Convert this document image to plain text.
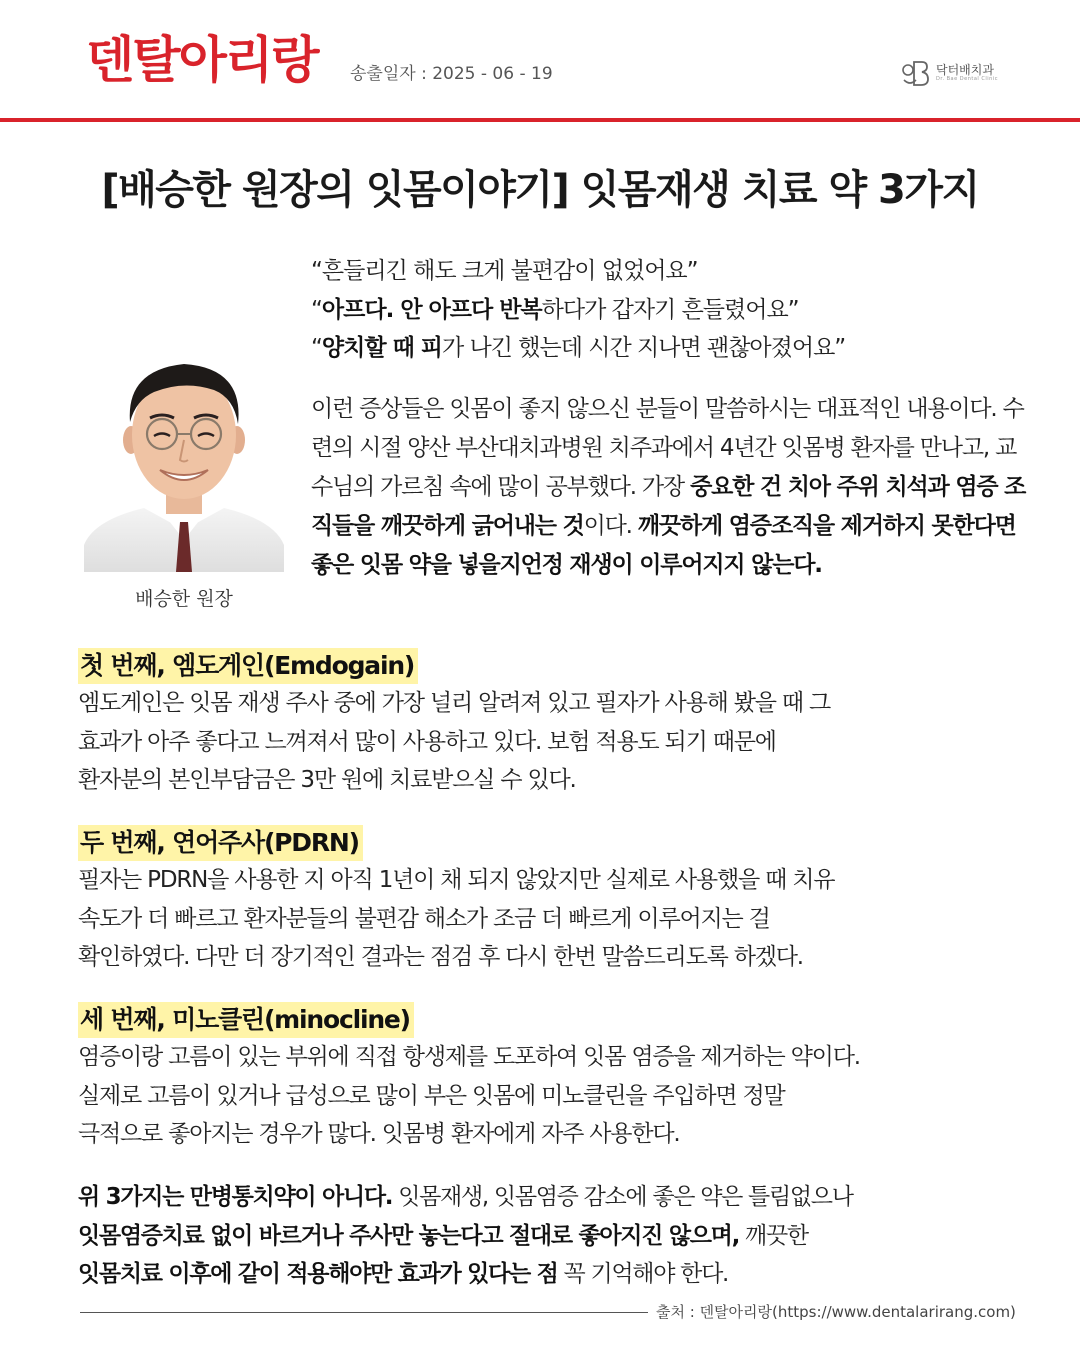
덴탈아리랑 송출일자 : 2025 - 06 - 19	닥터배치과
Dr. Bae Dental Clinic
[배승한 원장의 잇몸이야기] 잇몸재생 치료 약 3가지
배승한 원장
“흔들리긴 해도 크게 불편감이 없었어요”
“아프다. 안 아프다 반복하다가 갑자기 흔들렸어요”
“양치할 때 피가 나긴 했는데 시간 지나면 괜찮아졌어요”

이런 증상들은 잇몸이 좋지 않으신 분들이 말씀하시는 대표적인 내용이다. 수련의 시절 양산 부산대치과병원 치주과에서 4년간 잇몸병 환자를 만나고, 교수님의 가르침 속에 많이 공부했다. 가장 중요한 건 치아 주위 치석과 염증 조직들을 깨끗하게 긁어내는 것이다. 깨끗하게 염증조직을 제거하지 못한다면 좋은 잇몸 약을 넣을지언정 재생이 이루어지지 않는다.

첫 번째, 엠도게인(Emdogain)
엠도게인은 잇몸 재생 주사 중에 가장 널리 알려져 있고 필자가 사용해 봤을 때 그
효과가 아주 좋다고 느껴져서 많이 사용하고 있다. 보험 적용도 되기 때문에
환자분의 본인부담금은 3만 원에 치료받으실 수 있다.
두 번째, 연어주사(PDRN)
필자는 PDRN을 사용한 지 아직 1년이 채 되지 않았지만 실제로 사용했을 때 치유
속도가 더 빠르고 환자분들의 불편감 해소가 조금 더 빠르게 이루어지는 걸
확인하였다. 다만 더 장기적인 결과는 점검 후 다시 한번 말씀드리도록 하겠다.
세 번째, 미노클린(minocline)
염증이랑 고름이 있는 부위에 직접 항생제를 도포하여 잇몸 염증을 제거하는 약이다.
실제로 고름이 있거나 급성으로 많이 부은 잇몸에 미노클린을 주입하면 정말
극적으로 좋아지는 경우가 많다. 잇몸병 환자에게 자주 사용한다.
위 3가지는 만병통치약이 아니다. 잇몸재생, 잇몸염증 감소에 좋은 약은 틀림없으나
잇몸염증치료 없이 바르거나 주사만 놓는다고 절대로 좋아지진 않으며, 깨끗한
잇몸치료 이후에 같이 적용해야만 효과가 있다는 점 꼭 기억해야 한다.
출처 : 덴탈아리랑(https://www.dentalarirang.com)
